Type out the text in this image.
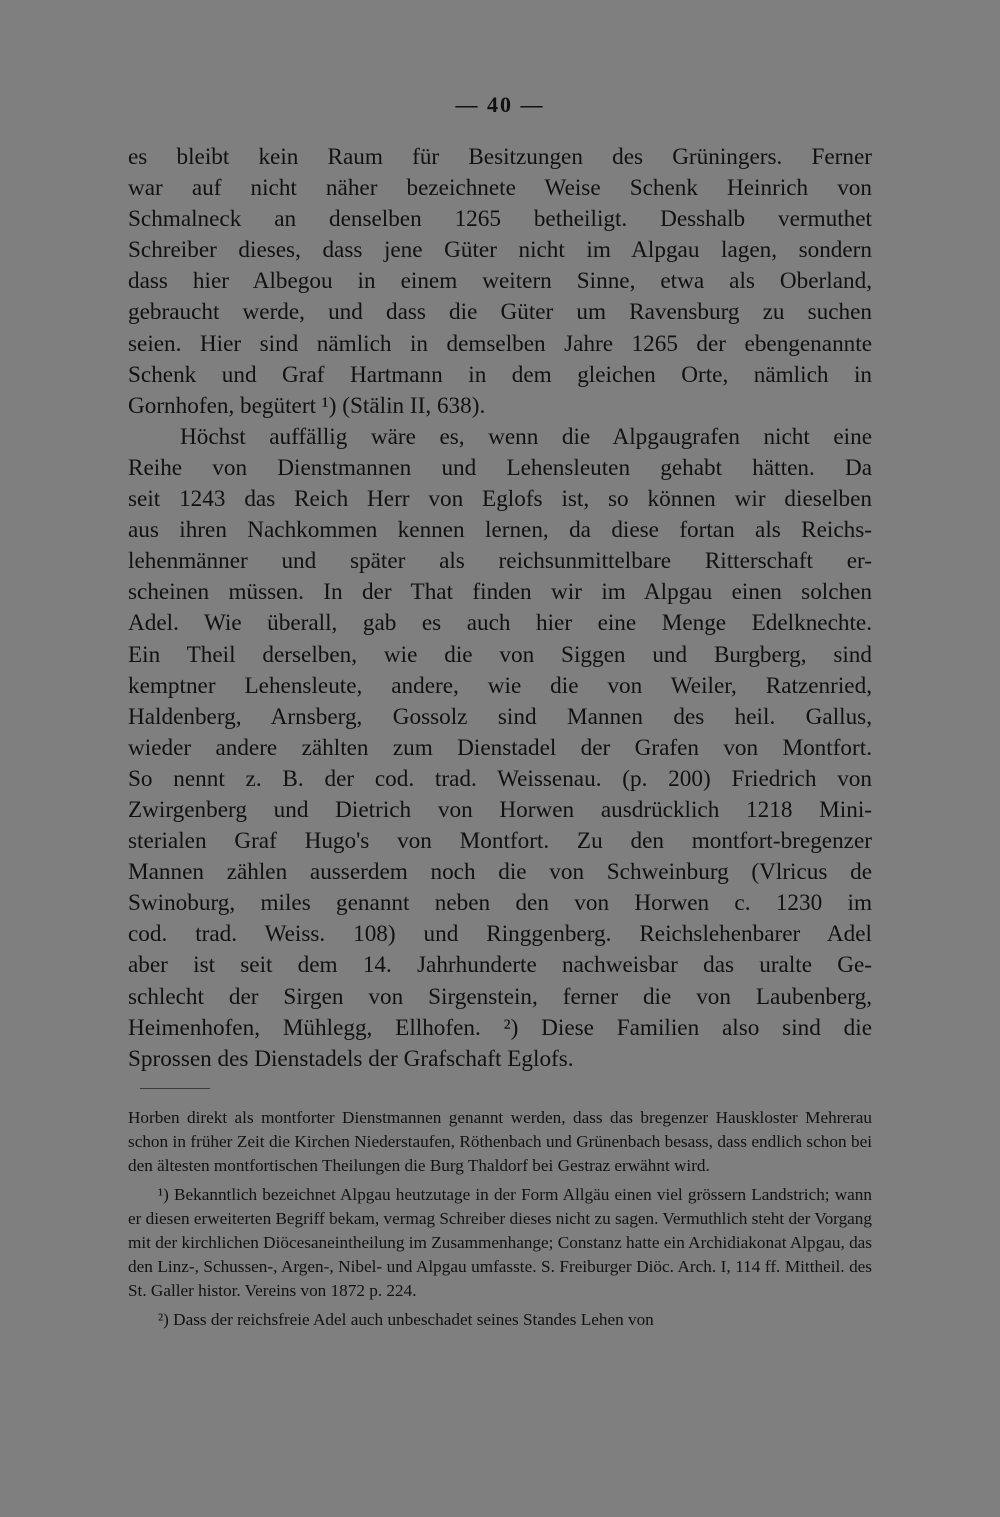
— 40 —
es bleibt kein Raum für Besitzungen des Grüningers. Ferner
war auf nicht näher bezeichnete Weise Schenk Heinrich von
Schmalneck an denselben 1265 betheiligt. Desshalb vermuthet
Schreiber dieses, dass jene Güter nicht im Alpgau lagen, sondern
dass hier Albegou in einem weitern Sinne, etwa als Oberland,
gebraucht werde, und dass die Güter um Ravensburg zu suchen
seien. Hier sind nämlich in demselben Jahre 1265 der ebengenannte
Schenk und Graf Hartmann in dem gleichen Orte, nämlich in
Gornhofen, begütert ¹) (Stälin II, 638).
Höchst auffällig wäre es, wenn die Alpgaugrafen nicht eine
Reihe von Dienstmannen und Lehensleuten gehabt hätten. Da
seit 1243 das Reich Herr von Eglofs ist, so können wir dieselben
aus ihren Nachkommen kennen lernen, da diese fortan als Reichs-
lehenmänner und später als reichsunmittelbare Ritterschaft er-
scheinen müssen. In der That finden wir im Alpgau einen solchen
Adel. Wie überall, gab es auch hier eine Menge Edelknechte.
Ein Theil derselben, wie die von Siggen und Burgberg, sind
kemptner Lehensleute, andere, wie die von Weiler, Ratzenried,
Haldenberg, Arnsberg, Gossolz sind Mannen des heil. Gallus,
wieder andere zählten zum Dienstadel der Grafen von Montfort.
So nennt z. B. der cod. trad. Weissenau. (p. 200) Friedrich von
Zwirgenberg und Dietrich von Horwen ausdrücklich 1218 Mini-
sterialen Graf Hugo's von Montfort. Zu den montfort-bregenzer
Mannen zählen ausserdem noch die von Schweinburg (Vlricus de
Swinoburg, miles genannt neben den von Horwen c. 1230 im
cod. trad. Weiss. 108) und Ringgenberg. Reichslehenbarer Adel
aber ist seit dem 14. Jahrhunderte nachweisbar das uralte Ge-
schlecht der Sirgen von Sirgenstein, ferner die von Laubenberg,
Heimenhofen, Mühlegg, Ellhofen. ²) Diese Familien also sind die
Sprossen des Dienstadels der Grafschaft Eglofs.

Horben direkt als montforter Dienstmannen genannt werden, dass das bregenzer Hauskloster Mehrerau schon in früher Zeit die Kirchen Niederstaufen, Röthenbach und Grünenbach besass, dass endlich schon bei den ältesten montfortischen Theilungen die Burg Thaldorf bei Gestraz erwähnt wird.

¹) Bekanntlich bezeichnet Alpgau heutzutage in der Form Allgäu einen viel grössern Landstrich; wann er diesen erweiterten Begriff bekam, vermag Schreiber dieses nicht zu sagen. Vermuthlich steht der Vorgang mit der kirchlichen Diöcesaneintheilung im Zusammenhange; Constanz hatte ein Archidiakonat Alpgau, das den Linz-, Schussen-, Argen-, Nibel- und Alpgau umfasste. S. Freiburger Diöc. Arch. I, 114 ff. Mittheil. des St. Galler histor. Vereins von 1872 p. 224.

²) Dass der reichsfreie Adel auch unbeschadet seines Standes Lehen von
